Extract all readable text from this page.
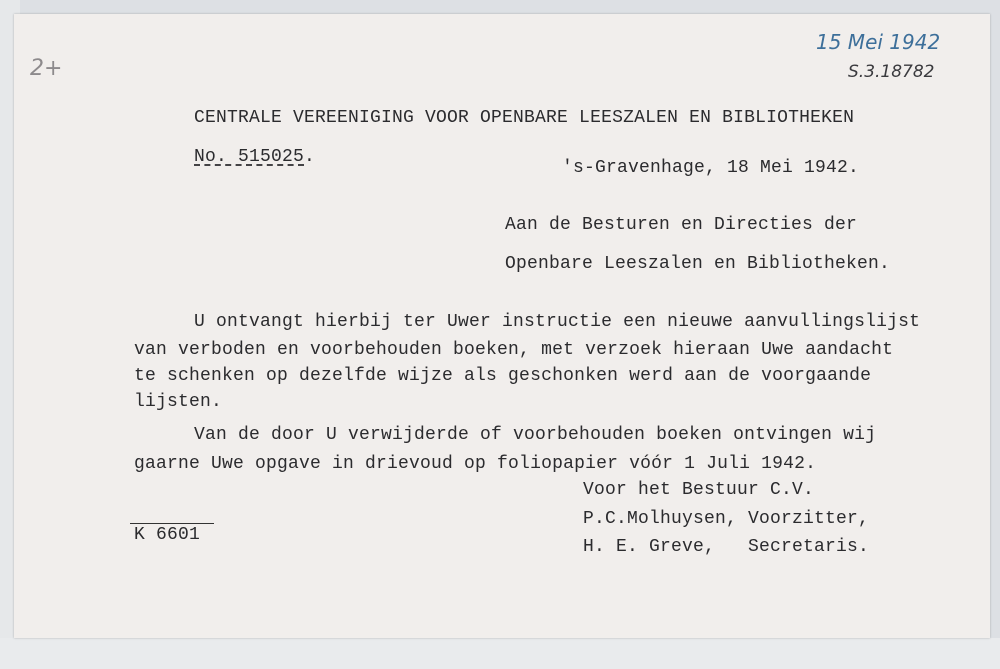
2+
15 Mei 1942
S.3.18782
CENTRALE VEREENIGING VOOR OPENBARE LEESZALEN EN BIBLIOTHEKEN
No. 515025.
's-Gravenhage, 18 Mei 1942.
Aan de Besturen en Directies der
Openbare Leeszalen en Bibliotheken.
U ontvangt hierbij ter Uwer instructie een nieuwe aanvullingslijst
van verboden en voorbehouden boeken, met verzoek hieraan Uwe aandacht
te schenken op dezelfde wijze als geschonken werd aan de voorgaande
lijsten.
Van de door U verwijderde of voorbehouden boeken ontvingen wij
gaarne Uwe opgave in drievoud op foliopapier vóór 1 Juli 1942.
Voor het Bestuur C.V.
P.C.Molhuysen, Voorzitter,
H. E. Greve,   Secretaris.
K 6601
